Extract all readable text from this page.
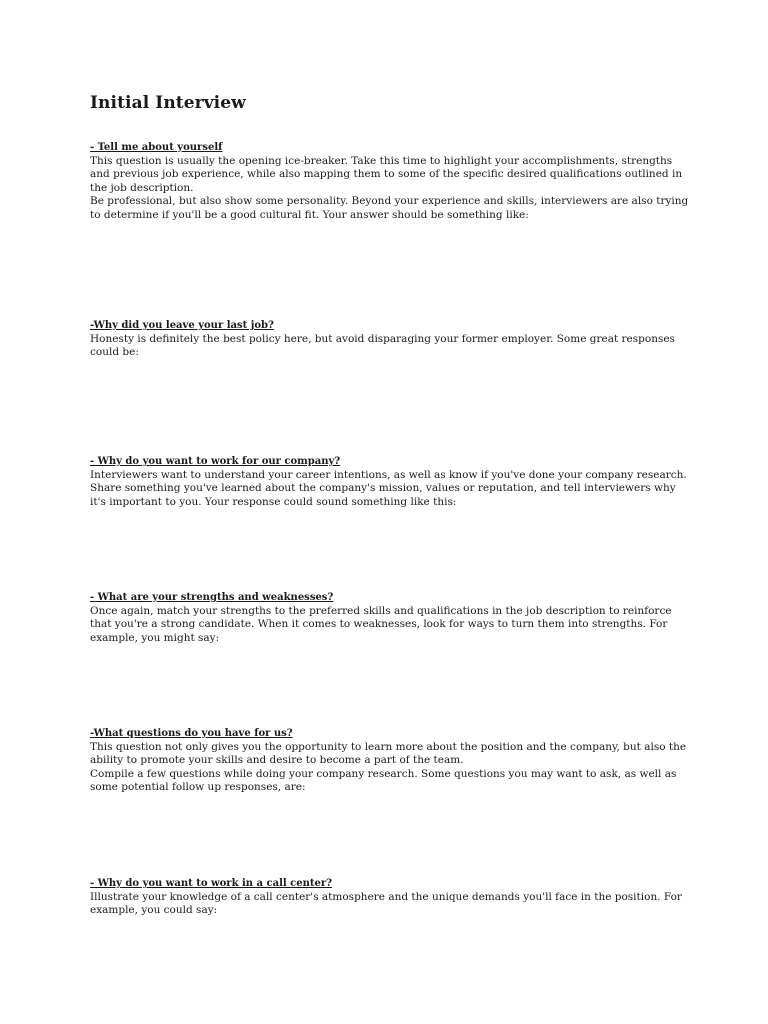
Initial Interview

- Tell me about yourself

This question is usually the opening ice-breaker. Take this time to highlight your accomplishments, strengths and previous job experience, while also mapping them to some of the specific desired qualifications outlined in the job description.

Be professional, but also show some personality. Beyond your experience and skills, interviewers are also trying to determine if you'll be a good cultural fit. Your answer should be something like:

-Why did you leave your last job?

Honesty is definitely the best policy here, but avoid disparaging your former employer. Some great responses could be:

- Why do you want to work for our company?

Interviewers want to understand your career intentions, as well as know if you've done your company research. Share something you've learned about the company's mission, values or reputation, and tell interviewers why it's important to you. Your response could sound something like this:

- What are your strengths and weaknesses?

Once again, match your strengths to the preferred skills and qualifications in the job description to reinforce that you're a strong candidate. When it comes to weaknesses, look for ways to turn them into strengths. For example, you might say:

-What questions do you have for us?

This question not only gives you the opportunity to learn more about the position and the company, but also the ability to promote your skills and desire to become a part of the team.

Compile a few questions while doing your company research. Some questions you may want to ask, as well as some potential follow up responses, are:

- Why do you want to work in a call center?

Illustrate your knowledge of a call center's atmosphere and the unique demands you'll face in the position. For example, you could say:
